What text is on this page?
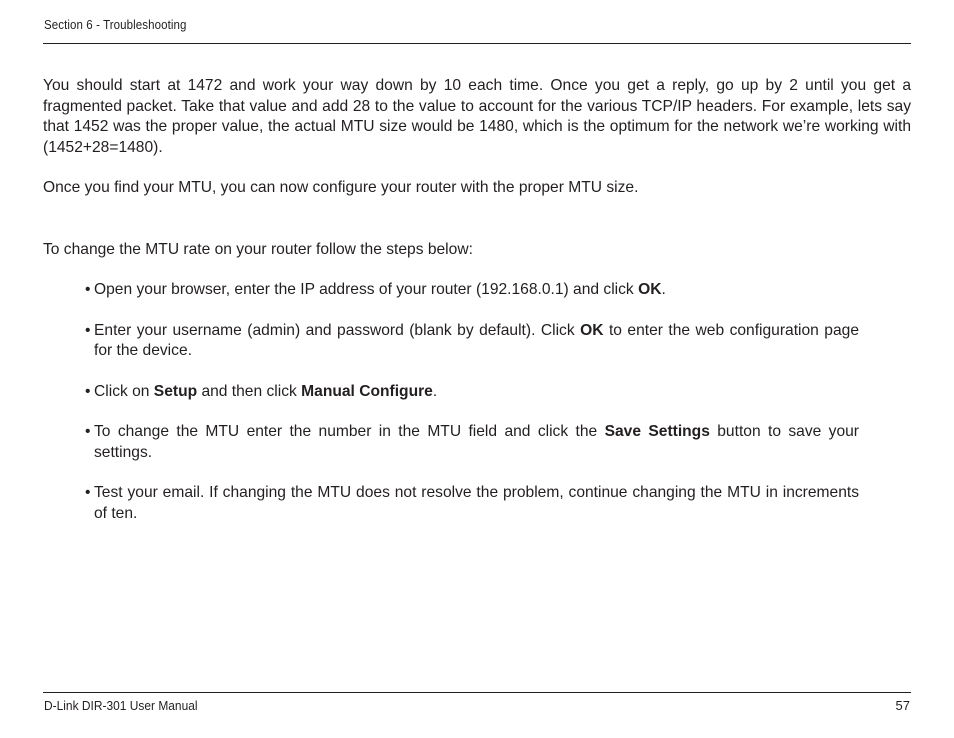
Section 6 - Troubleshooting

You should start at 1472 and work your way down by 10 each time. Once you get a reply, go up by 2 until you get a fragmented packet. Take that value and add 28 to the value to account for the various TCP/IP headers. For example, lets say that 1452 was the proper value, the actual MTU size would be 1480, which is the optimum for the network we’re working with (1452+28=1480).

Once you find your MTU, you can now configure your router with the proper MTU size.

To change the MTU rate on your router follow the steps below:

• Open your browser, enter the IP address of your router (192.168.0.1) and click OK.
• Enter your username (admin) and password (blank by default). Click OK to enter the web configuration page for the device.
• Click on Setup and then click Manual Configure.
• To change the MTU enter the number in the MTU field and click the Save Settings button to save your settings.
• Test your email. If changing the MTU does not resolve the problem, continue changing the MTU in increments of ten.
D-Link DIR-301 User Manual	57
